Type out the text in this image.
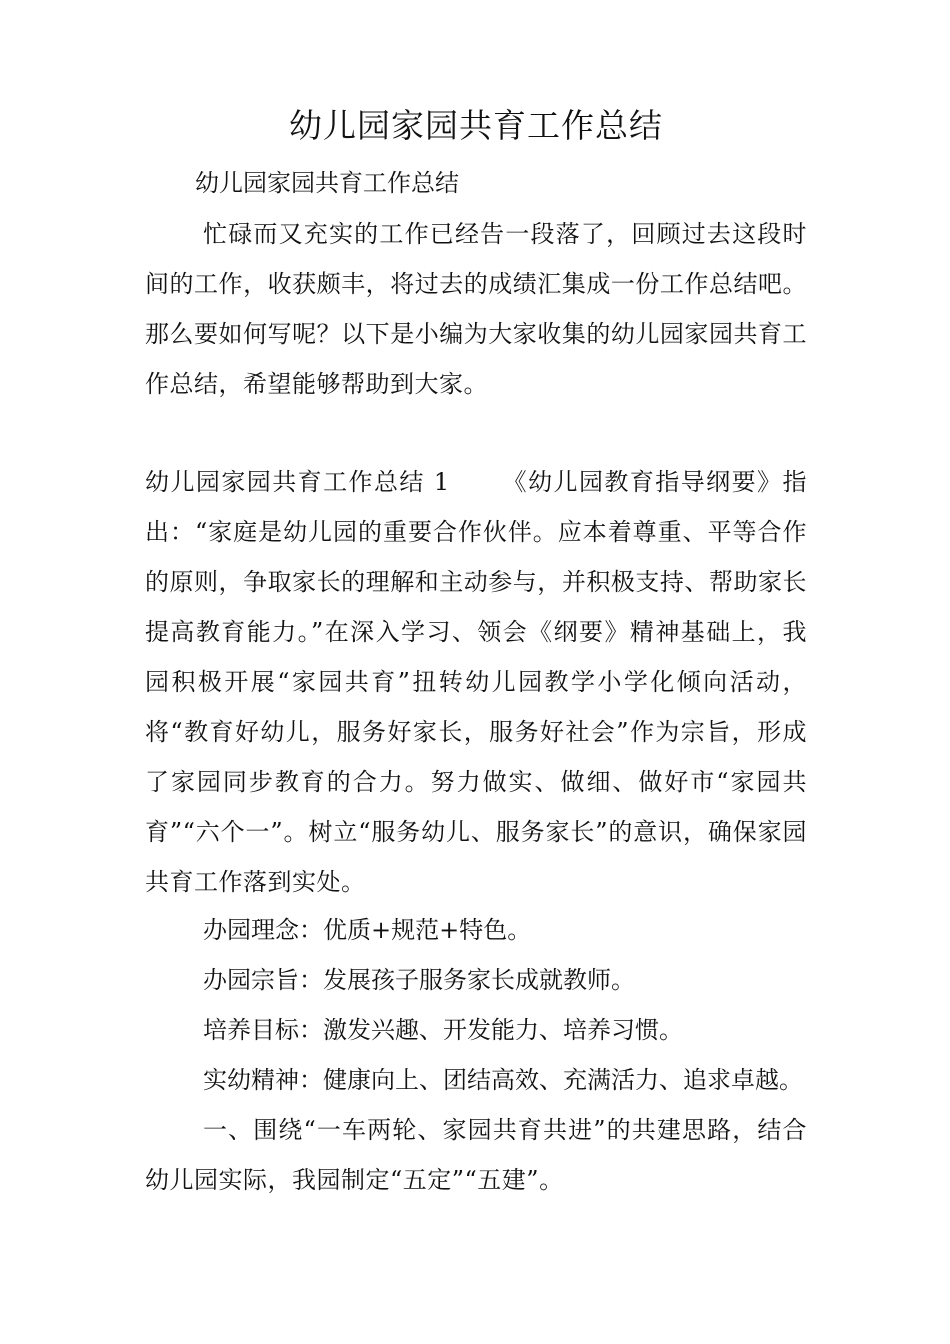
幼儿园家园共育工作总结
幼儿园家园共育工作总结
忙碌而又充实的工作已经告一段落了，回顾过去这段时间的工作，收获颇丰，将过去的成绩汇集成一份工作总结吧。那么要如何写呢？以下是小编为大家收集的幼儿园家园共育工作总结，希望能够帮助到大家。
幼儿园家园共育工作总结 1 《幼儿园教育指导纲要》指出：“家庭是幼儿园的重要合作伙伴。应本着尊重、平等合作的原则，争取家长的理解和主动参与，并积极支持、帮助家长提高教育能力。”在深入学习、领会《纲要》精神基础上，我园积极开展“家园共育”扭转幼儿园教学小学化倾向活动，将“教育好幼儿，服务好家长，服务好社会”作为宗旨，形成了家园同步教育的合力。努力做实、做细、做好市“家园共育”“六个一”。树立“服务幼儿、服务家长”的意识，确保家园共育工作落到实处。
办园理念：优质+规范+特色。
办园宗旨：发展孩子服务家长成就教师。
培养目标：激发兴趣、开发能力、培养习惯。
实幼精神：健康向上、团结高效、充满活力、追求卓越。
一、围绕“一车两轮、家园共育共进”的共建思路，结合幼儿园实际，我园制定“五定”“五建”。
